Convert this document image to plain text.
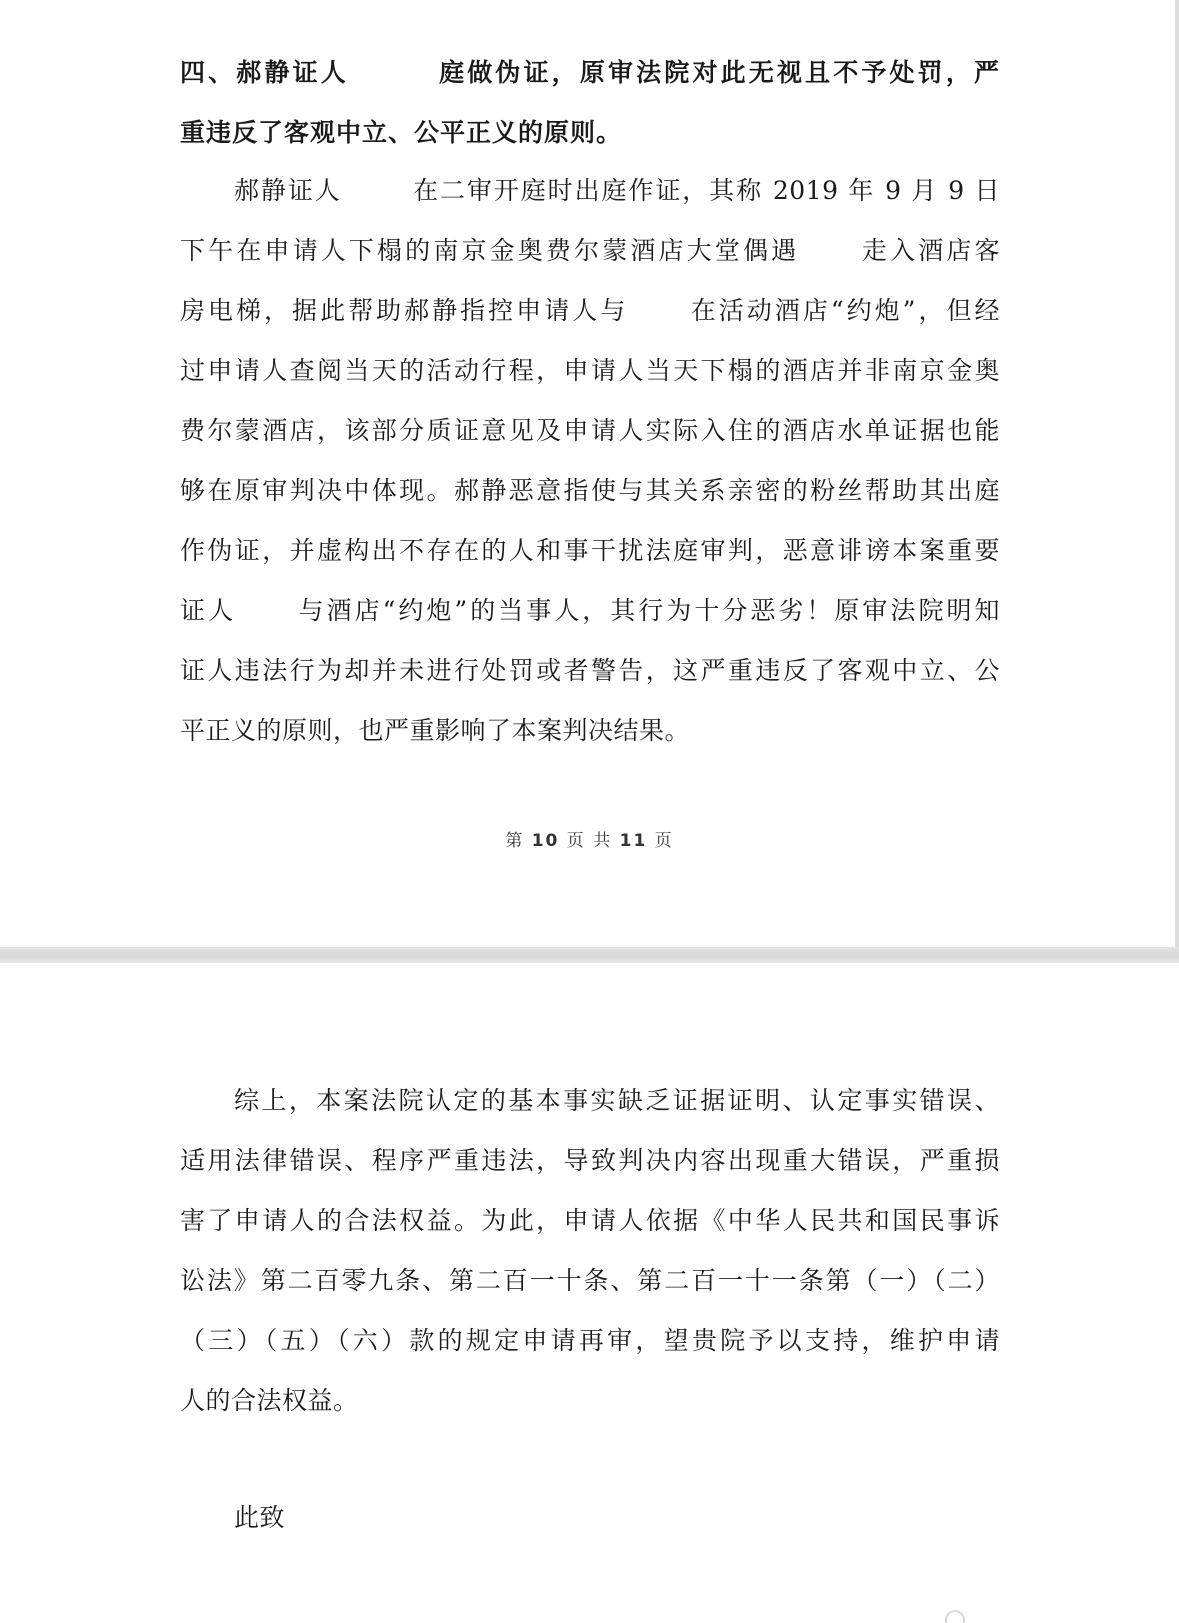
四、郝静证人	庭做伪证，原审法院对此无视且不予处罚，严
重违反了客观中立、公平正义的原则。
郝静证人	在二审开庭时出庭作证，其称 2019 年 9 月 9 日
下午在申请人下榻的南京金奥费尔蒙酒店大堂偶遇 走入酒店客
房电梯，据此帮助郝静指控申请人与 在活动酒店“约炮”，但经
过申请人查阅当天的活动行程，申请人当天下榻的酒店并非南京金奥
费尔蒙酒店，该部分质证意见及申请人实际入住的酒店水单证据也能
够在原审判决中体现。郝静恶意指使与其关系亲密的粉丝帮助其出庭
作伪证，并虚构出不存在的人和事干扰法庭审判，恶意诽谤本案重要
证人 与酒店“约炮”的当事人，其行为十分恶劣！原审法院明知
证人违法行为却并未进行处罚或者警告，这严重违反了客观中立、公
平正义的原则，也严重影响了本案判决结果。
第 10 页 共 11 页
综上，本案法院认定的基本事实缺乏证据证明、认定事实错误、
适用法律错误、程序严重违法，导致判决内容出现重大错误，严重损
害了申请人的合法权益。为此，申请人依据《中华人民共和国民事诉
讼法》第二百零九条、第二百一十条、第二百一十一条第（一）（二）
（三）（五）（六）款的规定申请再审，望贵院予以支持，维护申请
人的合法权益。
此致
